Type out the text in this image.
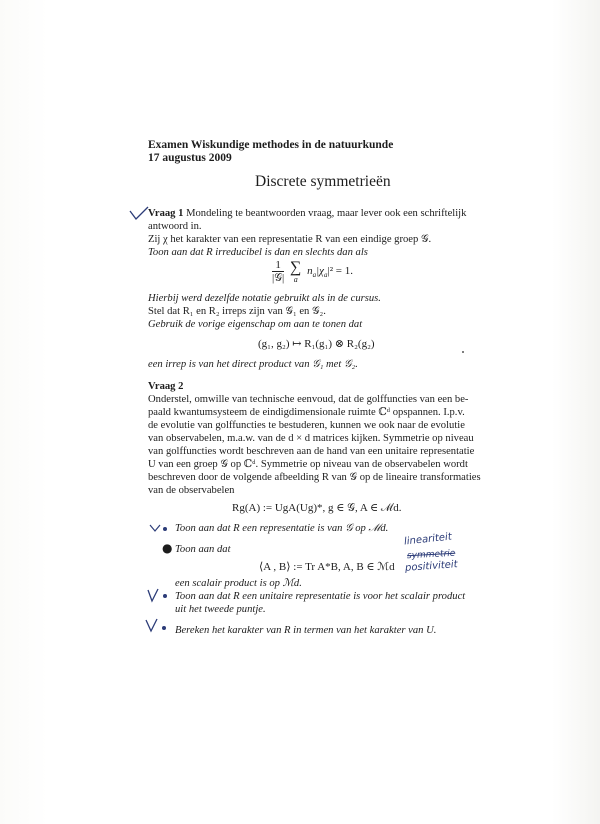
Examen Wiskundige methodes in de natuurkunde
17 augustus 2009
Discrete symmetrieën
Vraag 1 Mondeling te beantwoorden vraag, maar lever ook een schriftelijk
antwoord in.
Zij χ het karakter van een representatie R van een eindige groep 𝒢.
Toon aan dat R irreducibel is dan en slechts dan als
$\frac{1}{\text{|𝒢|}}$
∑
a
$n_a|\chi_a|^2 = 1$.
Hierbij werd dezelfde notatie gebruikt als in de cursus.
Stel dat R₁ en R₂ irreps zijn van 𝒢₁ en 𝒢₂.
Gebruik de vorige eigenschap om aan te tonen dat
(g₁, g₂) ↦ R₁(g₁) ⊗ R₂(g₂)
een irrep is van het direct product van 𝒢₁ met 𝒢₂.
Vraag 2
Onderstel, omwille van technische eenvoud, dat de golffuncties van een be-
paald kwantumsysteem de eindigdimensionale ruimte ℂᵈ opspannen. I.p.v.
de evolutie van golffuncties te bestuderen, kunnen we ook naar de evolutie
van observabelen, m.a.w. van de d × d matrices kijken. Symmetrie op niveau
van golffuncties wordt beschreven aan de hand van een unitaire representatie
U van een groep 𝒢 op ℂᵈ. Symmetrie op niveau van de observabelen wordt
beschreven door de volgende afbeelding R van 𝒢 op de lineaire transformaties
van de observabelen
Rg(A) := UgA(Ug)*, g ∈ 𝒢, A ∈ ℳd.
Toon aan dat R een representatie is van 𝒢 op ℳd.
● Toon aan dat
⟨A , B⟩ := Tr A*B, A, B ∈ ℳd
een scalair product is op ℳd.
lineariteit
symmetrie
positiviteit
Toon aan dat R een unitaire representatie is voor het scalair product
uit het tweede puntje.
Bereken het karakter van R in termen van het karakter van U.
